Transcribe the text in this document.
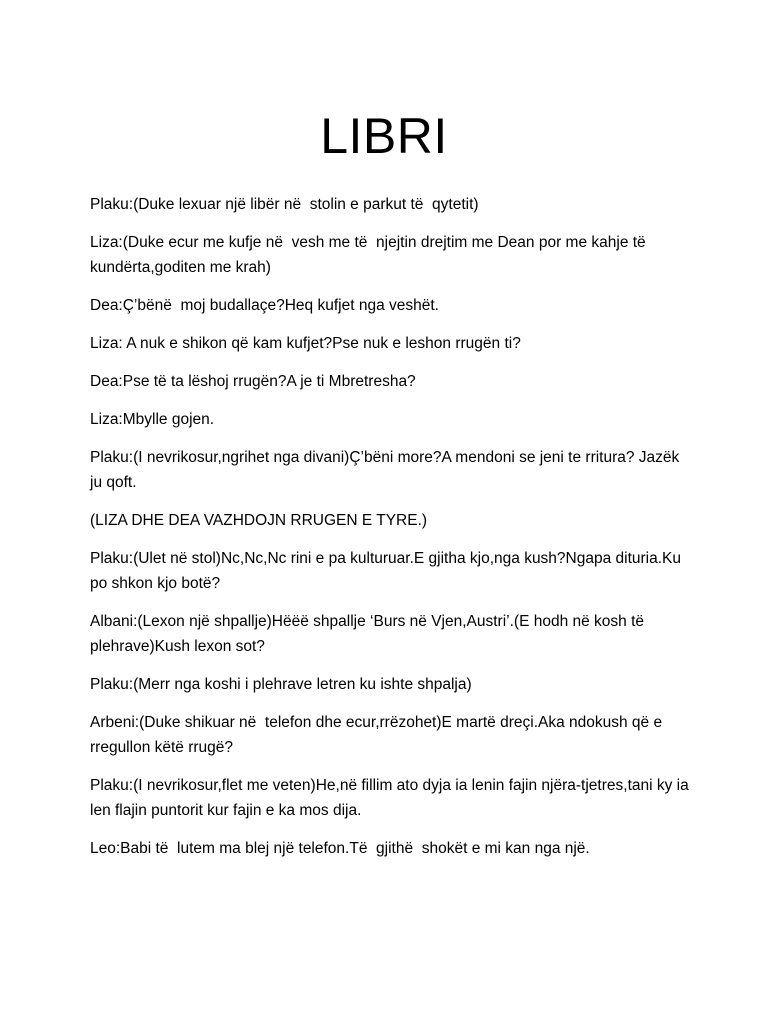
LIBRI

Plaku:(Duke lexuar një libër në  stolin e parkut të  qytetit)

Liza:(Duke ecur me kufje në  vesh me të  njejtin drejtim me Dean por me kahje të kundërta,goditen me krah)

Dea:Ç’bënë  moj budallaçe?Heq kufjet nga veshët.

Liza: A nuk e shikon që kam kufjet?Pse nuk e leshon rrugën ti?

Dea:Pse të ta lëshoj rrugën?A je ti Mbretresha?

Liza:Mbylle gojen.

Plaku:(I nevrikosur,ngrihet nga divani)Ç’bëni more?A mendoni se jeni te rritura? Jazëk ju qoft.

(LIZA DHE DEA VAZHDOJN RRUGEN E TYRE.)

Plaku:(Ulet në stol)Nc,Nc,Nc rini e pa kulturuar.E gjitha kjo,nga kush?Ngapa dituria.Ku po shkon kjo botë?

Albani:(Lexon një shpallje)Hëëë shpallje ‘Burs në Vjen,Austri’.(E hodh në kosh të plehrave)Kush lexon sot?

Plaku:(Merr nga koshi i plehrave letren ku ishte shpalja)

Arbeni:(Duke shikuar në  telefon dhe ecur,rrëzohet)E martë dreçi.Aka ndokush që e rregullon këtë rrugë?

Plaku:(I nevrikosur,flet me veten)He,në fillim ato dyja ia lenin fajin njëra-tjetres,tani ky ia len flajin puntorit kur fajin e ka mos dija.

Leo:Babi të  lutem ma blej një telefon.Të  gjithë  shokët e mi kan nga një.
